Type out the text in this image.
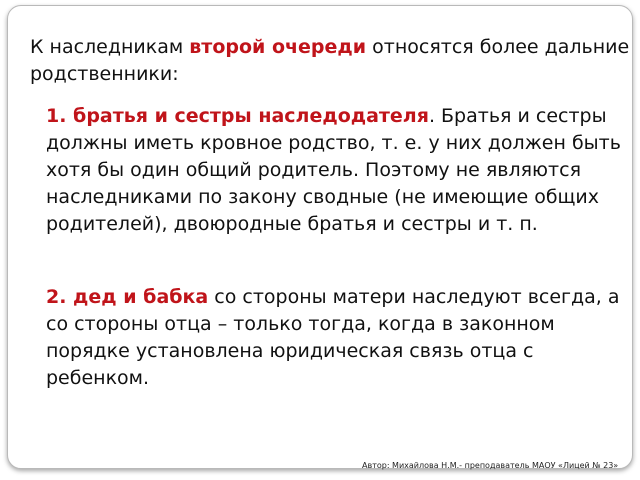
К наследникам второй очереди относятся более дальние родственники:

1. братья и сестры наследодателя. Братья и сестры должны иметь кровное родство, т. е. у них должен быть хотя бы один общий родитель. Поэтому не являются наследниками по закону сводные (не имеющие общих родителей), двоюродные братья и сестры и т. п.

2. дед и бабка со стороны матери наследуют всегда, а со стороны отца – только тогда, когда в законном порядке установлена юридическая связь отца с ребенком.

Автор: Михайлова Н.М.- преподаватель МАОУ «Лицей № 23»
